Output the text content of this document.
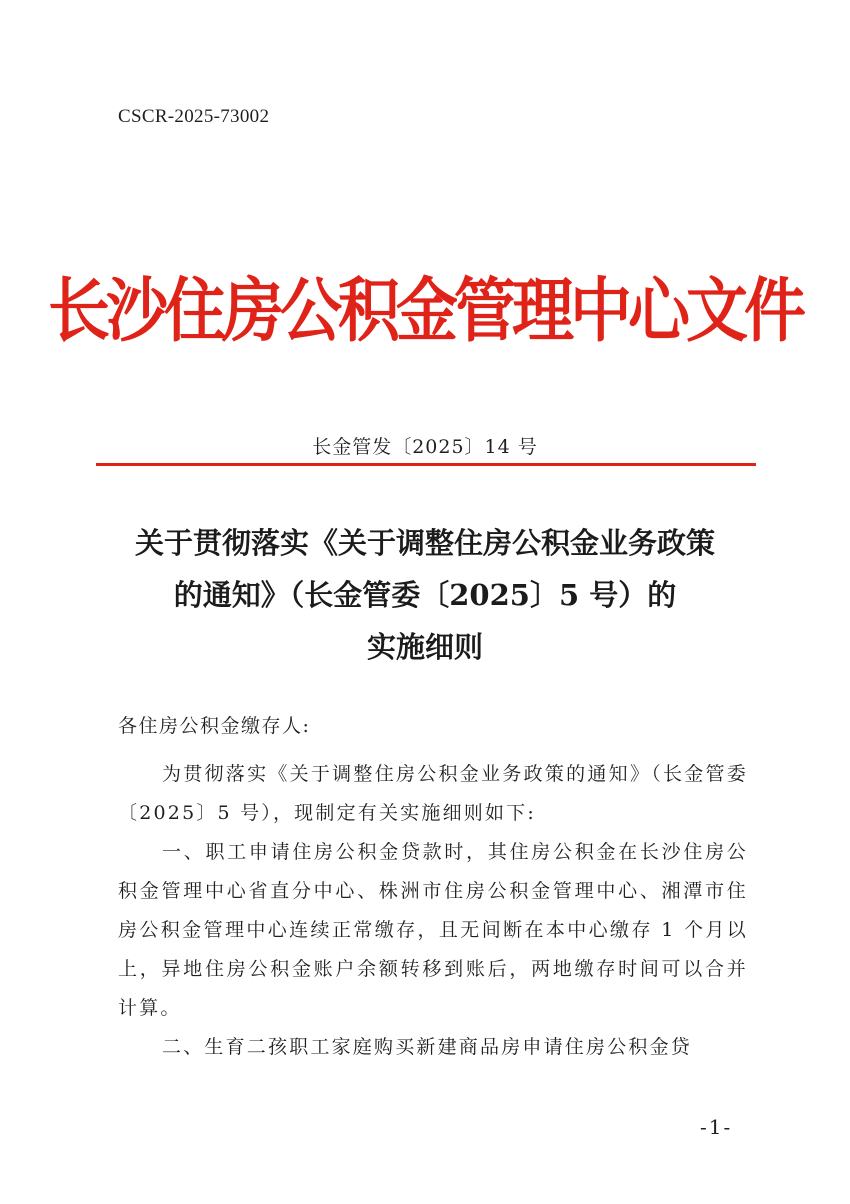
CSCR-2025-73002
长沙住房公积金管理中心文件
长金管发〔2025〕14 号
关于贯彻落实《关于调整住房公积金业务政策
的通知》（长金管委〔2025〕5 号）的
实施细则
各住房公积金缴存人:

为贯彻落实《关于调整住房公积金业务政策的通知》（长金管委〔2025〕5 号），现制定有关实施细则如下:

一、职工申请住房公积金贷款时，其住房公积金在长沙住房公积金管理中心省直分中心、株洲市住房公积金管理中心、湘潭市住房公积金管理中心连续正常缴存，且无间断在本中心缴存 1 个月以上，异地住房公积金账户余额转移到账后，两地缴存时间可以合并计算。

二、生育二孩职工家庭购买新建商品房申请住房公积金贷

-1-
